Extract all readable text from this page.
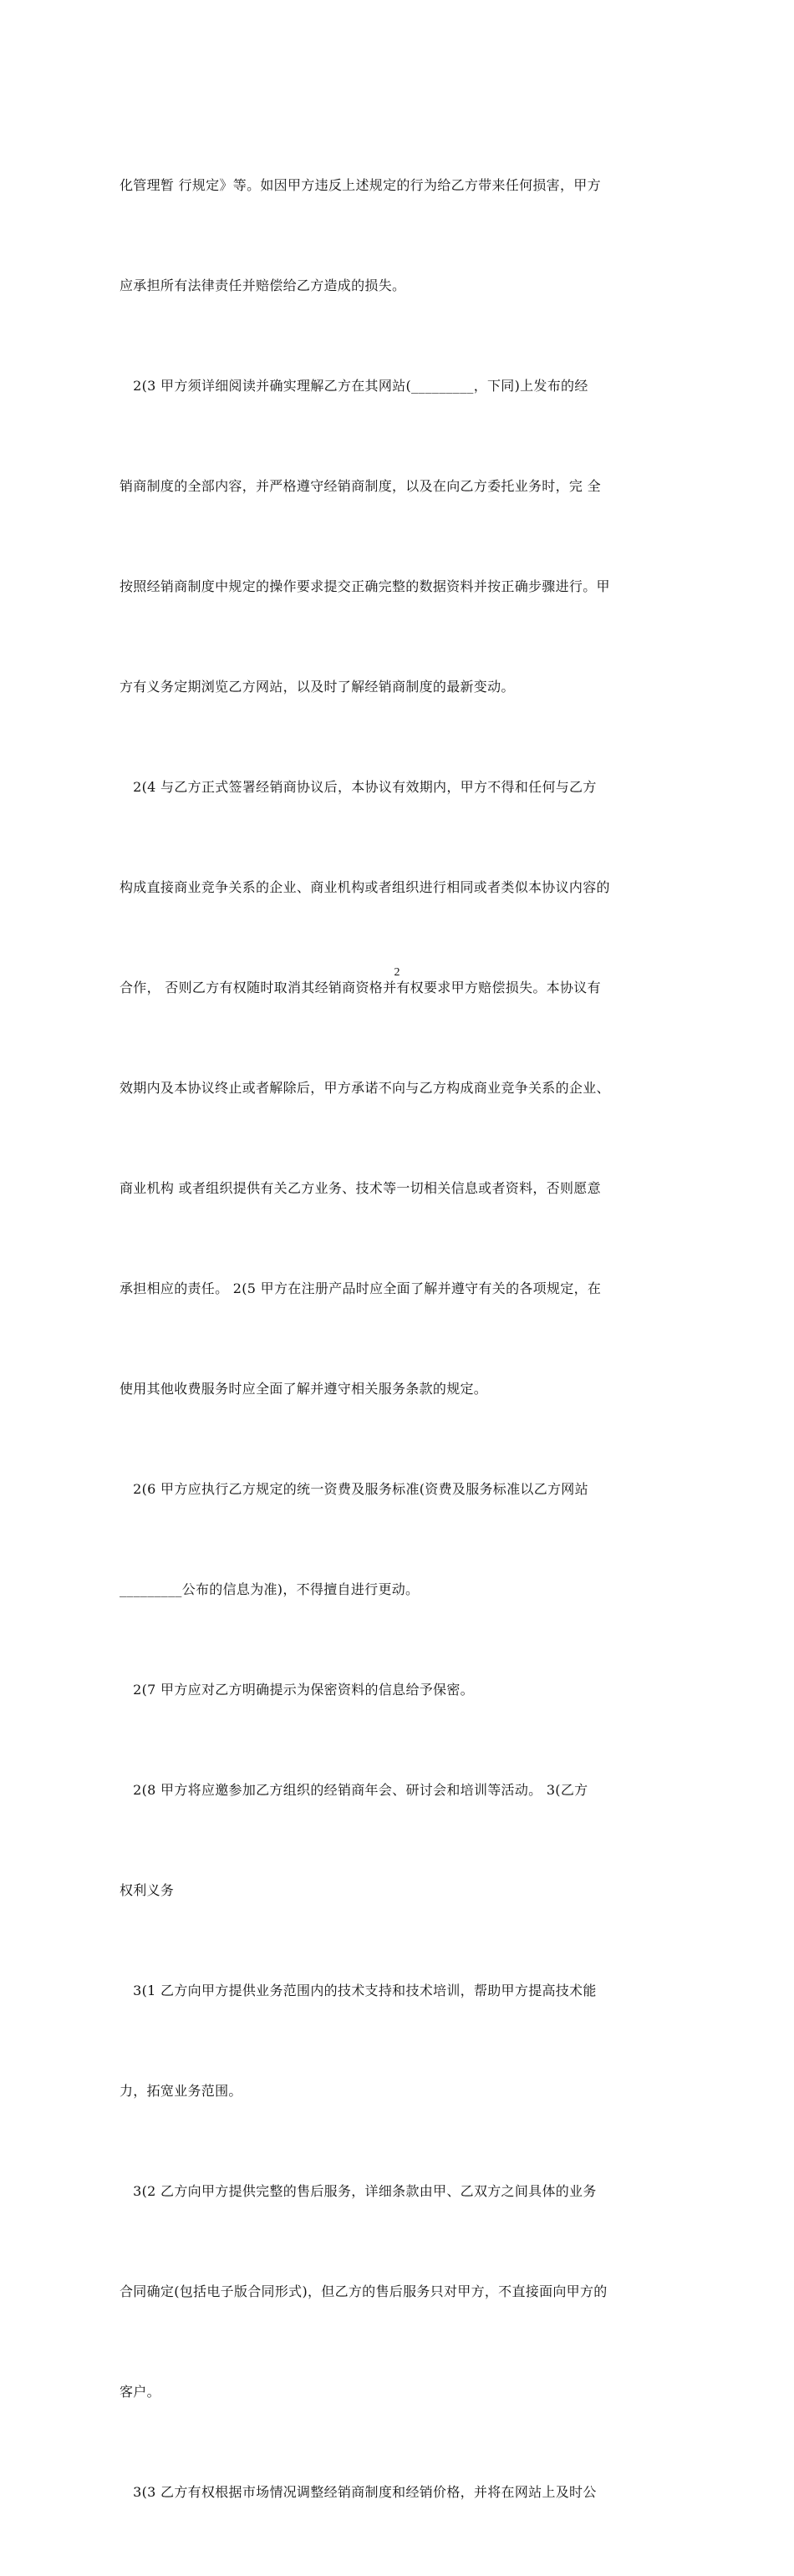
化管理暂 行规定》等。如因甲方违反上述规定的行为给乙方带来任何损害，甲方

应承担所有法律责任并赔偿给乙方造成的损失。

2(3 甲方须详细阅读并确实理解乙方在其网站(_________，下同)上发布的经

销商制度的全部内容，并严格遵守经销商制度，以及在向乙方委托业务时，完 全

按照经销商制度中规定的操作要求提交正确完整的数据资料并按正确步骤进行。甲

方有义务定期浏览乙方网站，以及时了解经销商制度的最新变动。

2(4 与乙方正式签署经销商协议后，本协议有效期内，甲方不得和任何与乙方

构成直接商业竞争关系的企业、商业机构或者组织进行相同或者类似本协议内容的

合作， 否则乙方有权随时取消其经销商资格并有权要求甲方赔偿损失。本协议有

效期内及本协议终止或者解除后，甲方承诺不向与乙方构成商业竞争关系的企业、

商业机构 或者组织提供有关乙方业务、技术等一切相关信息或者资料，否则愿意

承担相应的责任。 2(5 甲方在注册产品时应全面了解并遵守有关的各项规定，在

使用其他收费服务时应全面了解并遵守相关服务条款的规定。

2(6 甲方应执行乙方规定的统一资费及服务标准(资费及服务标准以乙方网站

_________公布的信息为准)，不得擅自进行更动。

2(7 甲方应对乙方明确提示为保密资料的信息给予保密。

2(8 甲方将应邀参加乙方组织的经销商年会、研讨会和培训等活动。 3(乙方

权利义务

3(1 乙方向甲方提供业务范围内的技术支持和技术培训，帮助甲方提高技术能

力，拓宽业务范围。

3(2 乙方向甲方提供完整的售后服务，详细条款由甲、乙双方之间具体的业务

合同确定(包括电子版合同形式)，但乙方的售后服务只对甲方，不直接面向甲方的

客户。

3(3 乙方有权根据市场情况调整经销商制度和经销价格，并将在网站上及时公

2
